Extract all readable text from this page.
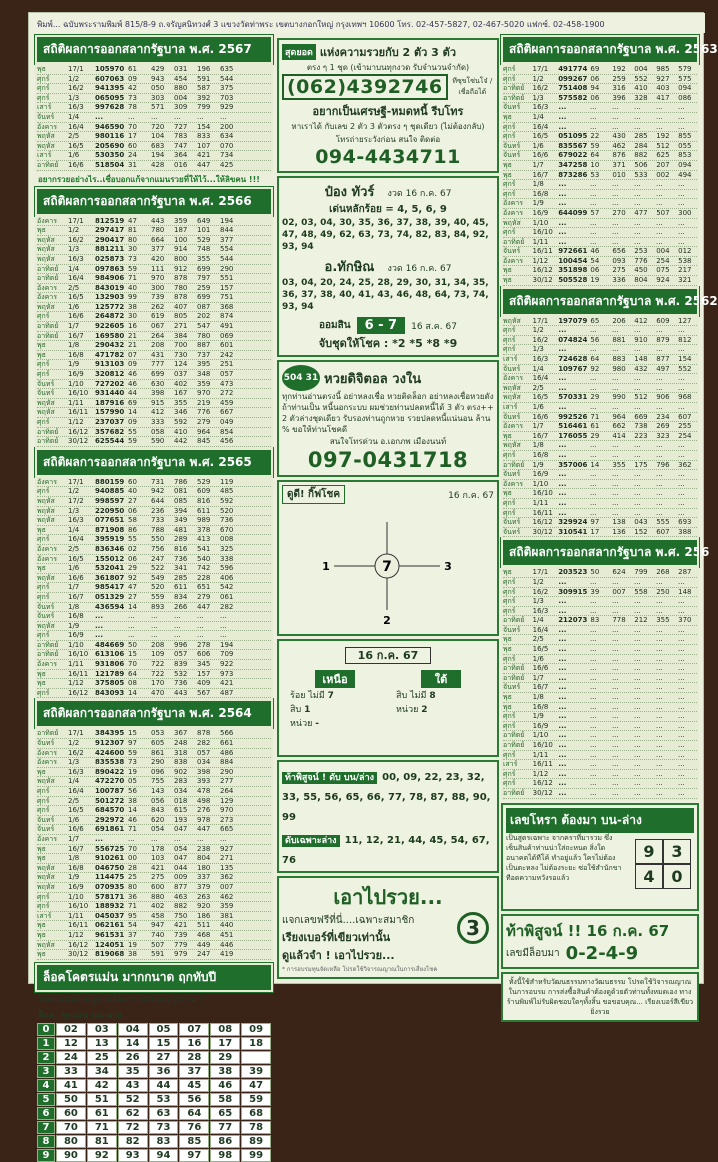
พิมพ์... ฉบับพระรามพิมพ์ 815/8-9 ถ.จรัญสนิทวงศ์ 3 แขวงวัดท่าพระ เขตบางกอกใหญ่ กรุงเทพฯ 10600 โทร. 02-457-5827, 02-467-5020 แฟกซ์. 02-458-1900
สถิติผลการออกสลากรัฐบาล พ.ศ. 2567
พุธ	17/1	105970 61	429	031	196	635
ศุกร์	1/2	607063 09	943	454	591	544
ศุกร์	16/2	941395 42	050	880	587	375
ศุกร์	1/3	065095 73	303	004	392	703
เสาร์	16/3	997628 78	571	309	799	929
จันทร์	1/4	...	...	...	...	...	...
อังคาร	16/4	946590 70	720	727	154	200
พฤหัส	2/5	980116 17	104	783	833	634
พฤหัส	16/5	205690 60	683	747	107	070
เสาร์	1/6	530350 24	194	364	421	734
อาทิตย์	16/6	518504 31	428	016	447	425
อยากรวยอย่างไร..เชื่อบอกแก้จากแมนรวยที่ให้ไว้...ให้ลิขคน !!!
สถิติผลการออกสลากรัฐบาล พ.ศ. 2566
อังคาร	17/1	812519 47	443	359	649	194
พุธ	1/2	297417 81	780	187	101	844
พฤหัส	16/2	290417 80	664	100	529	377
พฤหัส	1/3	881211 30	377	914	748	554
พฤหัส	16/3	025873 73	420	800	355	544
อาทิตย์	1/4	097863 59	111	912	699	290
อาทิตย์	16/4	984906 71	970	878	797	551
อังคาร	2/5	843019 40	300	780	259	157
อังคาร	16/5	132903 99	739	878	699	751
พฤหัส	1/6	125772 38	262	407	087	368
ศุกร์	16/6	264872 30	619	805	202	874
อาทิตย์	1/7	922605 16	067	271	547	491
อาทิตย์	16/7	169580 21	264	384	780	069
พุธ	1/8	290432 21	208	700	887	601
พุธ	16/8	471782 07	431	730	737	242
ศุกร์	1/9	913103 09	777	124	395	251
ศุกร์	16/9	320812 46	699	037	348	057
จันทร์	1/10	727202 46	630	402	359	473
จันทร์	16/10 931440 44	398	167	970	272
พฤหัส	1/11	187916 69	915	355	219	459
พฤหัส	16/11 157990 14	412	346	776	667
ศุกร์	1/12	237037 09	333	592	279	049
อาทิตย์	16/12 357682 55	058	410	964	854
อาทิตย์	30/12 625544 59	590	442	845	456
สถิติผลการออกสลากรัฐบาล พ.ศ. 2565
อังคาร	17/1	880159 60	731	786	529	119
ศุกร์	1/2	940885 40	942	081	609	485
พฤหัส	17/2	998597 27	644	085	816	592
พฤหัส	1/3	220950 06	236	394	611	520
พฤหัส	16/3	077651 58	733	349	989	736
พุธ	1/4	871908 86	788	481	378	670
ศุกร์	16/4	395919 55	550	289	413	008
อังคาร	2/5	836346 02	756	816	541	325
อังคาร	16/5	155012 06	247	736	540	338
พุธ	1/6	532041 29	522	341	742	596
พฤหัส	16/6	361807 92	549	285	228	406
ศุกร์	1/7	985417 47	520	611	651	542
ศุกร์	16/7	051329 27	559	834	279	061
จันทร์	1/8	436594 14	893	266	447	282
จันทร์	16/8	...	...	...	...	...	...
พฤหัส	1/9	...	...	...	...	...	...
ศุกร์	16/9	...	...	...	...	...	...
อาทิตย์	1/10	484669 50	208	996	278	194
อาทิตย์	16/10 613106 15	109	057	606	709
อังคาร	1/11	931806 70	722	839	345	922
พุธ	16/11 121789 64	722	532	157	973
พุธ	1/12	375805 08	170	736	409	421
ศุกร์	16/12 843093 14	470	443	567	487
สถิติผลการออกสลากรัฐบาล พ.ศ. 2564
อาทิตย์	17/1	384395 15	053	367	878	566
จันทร์	1/2	912307 97	605	248	282	661
อังคาร	16/2	424600 59	861	318	057	486
อังคาร	1/3	835538 73	290	838	034	884
พุธ	16/3	890422 19	096	902	398	290
พฤหัส	1/4	472270 05	755	283	393	277
ศุกร์	16/4	100787 56	143	034	478	264
ศุกร์	2/5	501272 38	056	018	498	129
ศุกร์	16/5	684570 14	843	615	276	970
จันทร์	1/6	292972 46	620	193	978	273
จันทร์	16/6	691861 71	054	047	447	665
อังคาร	1/7	...	...	...	...	...	...
พุธ	16/7	556725 70	178	054	238	927
พุธ	1/8	910261 00	103	047	804	271
พฤหัส	16/8	046750 28	421	044	180	135
พฤหัส	1/9	114475 25	275	009	337	362
พฤหัส	16/9	070935 80	600	877	379	007
ศุกร์	1/10	578171 36	880	463	263	462
ศุกร์	16/10 188932 71	402	882	920	359
เสาร์	1/11	045037 95	458	750	186	381
พุธ	16/11 062161 54	947	421	511	440
พุธ	1/12	961531 37	740	739	468	451
พฤหัส	16/12 124051 19	507	779	449	446
พุธ	30/12 819068 38	591	979	247	419
ล็อคโคตรแม่น มากกนาด ฤกทับปี
ให้ผลเด่นต่อละ ดูตามล็อค รวยแน่นอน ถูกสาม %
ล็อค ชุดเด่น บน-ล่าง
0	02	03	04	05	07	08	09
1	12	13	14	15	16	17	18
2	24	25	26	27	28	29
3	33	34	35	36	37	38	39
4	41	42	43	44	45	46	47
5	50	51	52	53	56	58	59
6	60	61	62	63	64	65	68
7	70	71	72	73	76	77	78
8	80	81	82	83	85	86	89
9	90	92	93	94	97	98	99
สุดยอด แห่งความรวยกับ 2 ตัว 3 ตัว
ตรง ๆ 1 ชุด (เข้ามาบนทุกงวด รับจำนวนจำกัด)
(062)4392746	ทีซุขโซ่นโจ๋ / เชื่อถือได้
อยากเป็นเศรษฐี-หมดหนี้ รีบโทร
หาเราได้ กับเลข 2 ตัว 3 ตัวตรง ๆ ชุดเดียว (ไม่ต้องกลับ)
โทรถ่ายระวังก่อน สนใจ ติดต่อ
094-4434711
ป๋อง ทัวร์ งวด 16 ก.ค. 67
เด่นหลักร้อย = 4, 5, 6, 9
02, 03, 04, 30, 35, 36, 37, 38, 39, 40, 45, 47, 48, 49, 62, 63, 73, 74, 82, 83, 84, 92, 93, 94
อ.ทักษิณ งวด 16 ก.ค. 67
03, 04, 20, 24, 25, 28, 29, 30, 31, 34, 35, 36, 37, 38, 40, 41, 43, 46, 48, 64, 73, 74, 93, 94
ออมสิน	6 - 7	16 ส.ค. 67
จับชุดให้โชค : *2 *5 *8 *9
504 31 หวยดิจิตอล วงใน
ทุกท่านอ่านตรงนี้ อย่าหลงเชื่อ หวยติดล็อก อย่าหลงเชื่อหวยดัง ถ้าท่านเป็น หนี้นอกระบบ ผมช่วยท่านปลดหนี้ได้ 3 ตัว ตรง++ 2 ตัวล่างชุดเดียว รับรองท่านถูกหวย รวยปลดหนี้แน่นอน ล้าน % ขอให้ท่านโชคดี
สนใจโทรด่วน อ.เอกภพ เมืองนนท์
097-0431718
ดูดี! กิ๊ฟโชค	16 ก.ค. 67
7
1	3
2
16 ก.ค. 67
เหนือ
ร้อย ไม่มี 7
สิบ 1
หน่วย -
ใต้
สิบ ไม่มี 8
หน่วย 2
ท้าพิสูจน์ ! ดับ บน/ล่าง 00, 09, 22, 23, 32, 33, 55, 56, 65, 66, 77, 78, 87, 88, 90, 99
ดับเฉพาะล่าง 11, 12, 21, 44, 45, 54, 67, 76
เอาไปรวย...
แจกเลขฟรีที่นี่....เฉพาะสมาชิก
เรียงเบอร์ที่เขียวเท่านั้น
ดูแล้วจำ ! เอาไปรวย...
3
* การอบรมทุนจัดเหลือ โปรดใช้วิจารณญาณในการเสี่ยงโชค
สถิติผลการออกสลากรัฐบาล พ.ศ. 2563
ศุกร์	17/1	491774 69	192	004	985	579
ศุกร์	1/2	099267 06	259	552	927	575
อาทิตย์	16/2	751408 94	316	410	403	094
อาทิตย์	1/3	575582 06	396	328	417	086
จันทร์	16/3	...	...	...	...	...	...
พุธ	1/4	...	...	...	...	...	...
ศุกร์	16/4	...	...	...	...	...	...
ศุกร์	16/5	051095 22	430	285	192	855
จันทร์	1/6	835567 59	462	284	512	055
จันทร์	16/6	679022 64	876	882	625	853
พุธ	1/7	347258 10	371	506	207	094
พุธ	16/7	873286 53	010	533	002	494
ศุกร์	1/8	...	...	...	...	...	...
ศุกร์	16/8	...	...	...	...	...	...
อังคาร	1/9	...	...	...	...	...	...
อังคาร	16/9	644099 57	270	477	507	300
พฤหัส	1/10	...	...	...	...	...	...
ศุกร์	16/10 ...	...	...	...	...	...
อาทิตย์	1/11	...	...	...	...	...	...
จันทร์	16/11 972661 46	656	253	004	012
อังคาร	1/12	100454 54	093	776	254	538
พุธ	16/12 351898 06	275	450	075	217
พุธ	30/12 505528 19	336	804	924	321
สถิติผลการออกสลากรัฐบาล พ.ศ. 2562
พฤหัส	17/1	197079 65	206	412	609	127
ศุกร์	1/2	...	...	...	...	...	...
ศุกร์	16/2	074824 56	881	910	879	812
ศุกร์	1/3	...	...	...	...	...	...
เสาร์	16/3	724628 64	883	148	877	154
จันทร์	1/4	109767 92	980	432	497	552
อังคาร	16/4	...	...	...	...	...	...
พฤหัส	2/5	...	...	...	...	...	...
พฤหัส	16/5	570331 29	990	512	906	968
เสาร์	1/6	...	...	...	...	...	...
จันทร์	16/6	992526 71	964	669	234	607
อังคาร	1/7	516461 61	662	738	269	255
พุธ	16/7	176055 29	414	223	323	254
พฤหัส	1/8	...	...	...	...	...	...
ศุกร์	16/8	...	...	...	...	...	...
อาทิตย์	1/9	357006 14	355	175	796	362
จันทร์	16/9	...	...	...	...	...	...
อังคาร	1/10	...	...	...	...	...	...
พุธ	16/10 ...	...	...	...	...	...
ศุกร์	1/11	...	...	...	...	...	...
ศุกร์	16/11 ...	...	...	...	...	...
จันทร์	16/12 329924 97	138	043	555	693
จันทร์	30/12 310541 17	136	152	607	388
สถิติผลการออกสลากรัฐบาล พ.ศ. 256
พุธ	17/1	203523 50	624	799	268	287
ศุกร์	1/2	...	...	...	...	...	...
ศุกร์	16/2	309915 39	007	558	250	148
ศุกร์	1/3	...	...	...	...	...	...
ศุกร์	16/3	...	...	...	...	...	...
อาทิตย์	1/4	212073 83	778	212	355	370
จันทร์	16/4	...	...	...	...	...	...
พุธ	2/5	...	...	...	...	...	...
พุธ	16/5	...	...	...	...	...	...
ศุกร์	1/6	...	...	...	...	...	...
อาทิตย์	16/6	...	...	...	...	...	...
อาทิตย์	1/7	...	...	...	...	...	...
จันทร์	16/7	...	...	...	...	...	...
พุธ	1/8	...	...	...	...	...	...
พุธ	16/8	...	...	...	...	...	...
ศุกร์	1/9	...	...	...	...	...	...
ศุกร์	16/9	...	...	...	...	...	...
อาทิตย์	1/10	...	...	...	...	...	...
อาทิตย์	16/10 ...	...	...	...	...	...
ศุกร์	1/11	...	...	...	...	...	...
เสาร์	16/11 ...	...	...	...	...	...
ศุกร์	1/12	...	...	...	...	...	...
ศุกร์	16/12 ...	...	...	...	...	...
อาทิตย์	30/12 ...	...	...	...	...	...
เลขโหรา ต้องมา บน-ล่าง
เป็นสูตรเฉพาะ จากคราที่มารวม ซึ่งเซ็นสินค้าท่านน่าใส่ถะหนด สิ่งใดอนาคตได้ทีโค้ ทำอยู่แล้ว ใครไม่ต้องเป็นตะหลง ไม่ต้องระยะ ซ่อใช้สำนักขา ทีอดความหวังรอแล้ว
9	3
4	0
ท้าพิสูจน์ !! 16 ก.ค. 67
เลขมีล็อบมา 0-2-4-9
ทั้งนี้ใช้สำหรับวัฒนธรรมทางวัฒนธรรม โปรดใช้วิจารณญาณในการอบรม การส่งซื้อสินค้าต้องดูด้วยตัวท่านทั้งหมดเอง ทางร้านพิมพ์ไม่รับผิดชอบใดๆทั้งสิ้น ขอขอบคุณ... เรียงเบอร์สีเขียว ยิ่งรวย
